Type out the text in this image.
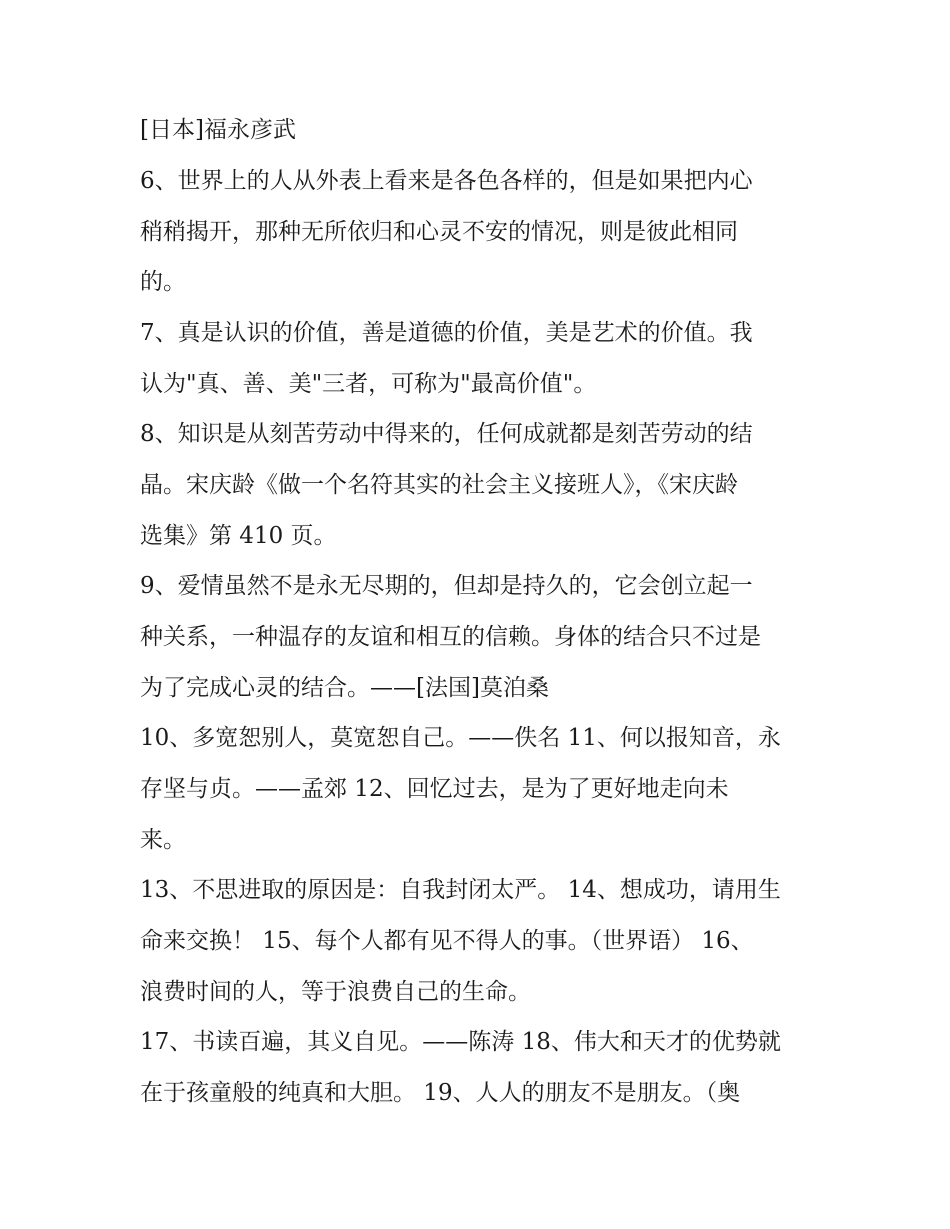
[日本]福永彦武

6、世界上的人从外表上看来是各色各样的，但是如果把内心

稍稍揭开，那种无所依归和心灵不安的情况，则是彼此相同

的。

7、真是认识的价值，善是道德的价值，美是艺术的价值。我

认为"真、善、美"三者，可称为"最高价值"。

8、知识是从刻苦劳动中得来的，任何成就都是刻苦劳动的结

晶。宋庆龄《做一个名符其实的社会主义接班人》，《宋庆龄

选集》第 410 页。

9、爱情虽然不是永无尽期的，但却是持久的，它会创立起一

种关系，一种温存的友谊和相互的信赖。身体的结合只不过是

为了完成心灵的结合。——[法国]莫泊桑

10、多宽恕别人，莫宽恕自己。——佚名 11、何以报知音，永

存坚与贞。——孟郊 12、回忆过去，是为了更好地走向未

来。

13、不思进取的原因是：自我封闭太严。 14、想成功，请用生

命来交换！ 15、每个人都有见不得人的事。（世界语） 16、

浪费时间的人，等于浪费自己的生命。

17、书读百遍，其义自见。——陈涛 18、伟大和天才的优势就

在于孩童般的纯真和大胆。 19、人人的朋友不是朋友。（奥
